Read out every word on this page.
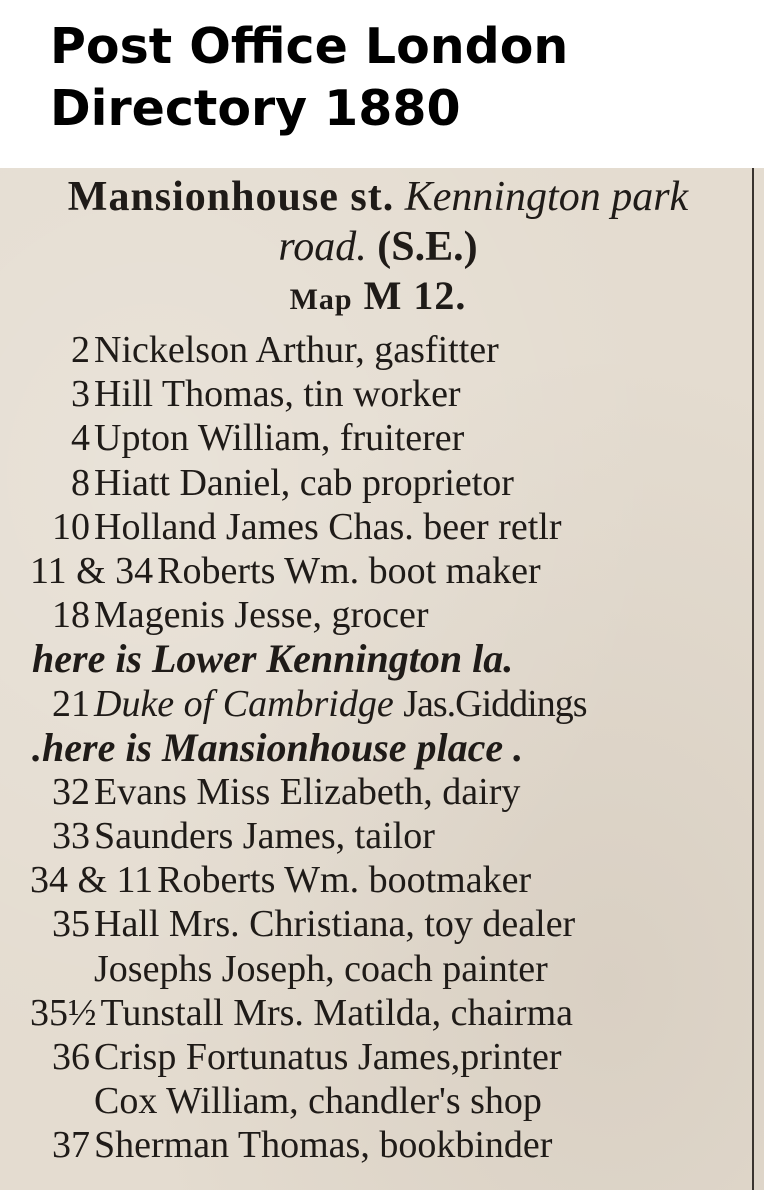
Post Office London
Directory 1880
Mansionhouse st. Kennington park road. (S.E.)
Map M 12.
2 Nickelson Arthur, gasfitter
3 Hill Thomas, tin worker
4 Upton William, fruiterer
8 Hiatt Daniel, cab proprietor
10 Holland James Chas. beer retlr
11 & 34 Roberts Wm. boot maker
18 Magenis Jesse, grocer
here is Lower Kennington la.
21 Duke of Cambridge Jas.Giddings
.here is Mansionhouse place .
32 Evans Miss Elizabeth, dairy
33 Saunders James, tailor
34 & 11 Roberts Wm. bootmaker
35 Hall Mrs. Christiana, toy dealer
Josephs Joseph, coach painter
35½ Tunstall Mrs. Matilda, chairma
36 Crisp Fortunatus James,printer
Cox William, chandler's shop
37 Sherman Thomas, bookbinder
